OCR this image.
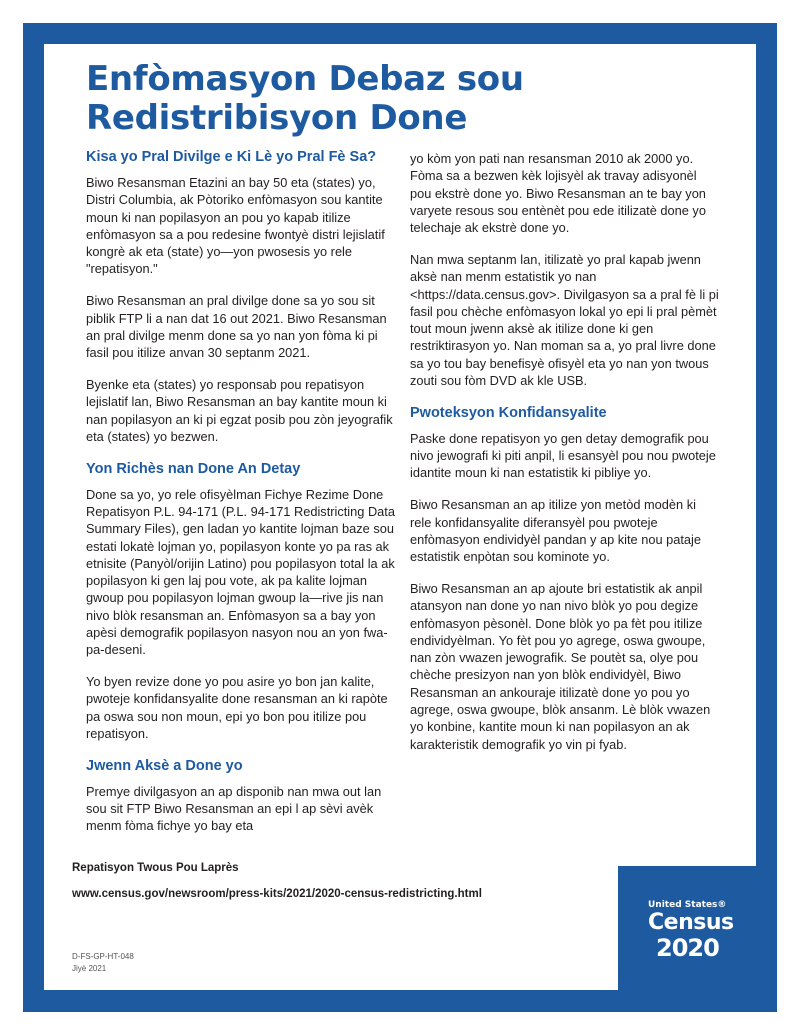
Enfòmasyon Debaz sou Redistribisyon Done
Kisa yo Pral Divilge e Ki Lè yo Pral Fè Sa?

Biwo Resansman Etazini an bay 50 eta (states) yo, Distri Columbia, ak Pòtoriko enfòmasyon sou kantite moun ki nan popilasyon an pou yo kapab itilize enfòmasyon sa a pou redesine fwontyè distri lejislatif kongrè ak eta (state) yo—yon pwosesis yo rele "repatisyon."

Biwo Resansman an pral divilge done sa yo sou sit piblik FTP li a nan dat 16 out 2021. Biwo Resansman an pral divilge menm done sa yo nan yon fòma ki pi fasil pou itilize anvan 30 septanm 2021.

Byenke eta (states) yo responsab pou repatisyon lejislatif lan, Biwo Resansman an bay kantite moun ki nan popilasyon an ki pi egzat posib pou zòn jeyografik eta (states) yo bezwen.

Yon Richès nan Done An Detay

Done sa yo, yo rele ofisyèlman Fichye Rezime Done Repatisyon P.L. 94-171 (P.L. 94-171 Redistricting Data Summary Files), gen ladan yo kantite lojman baze sou estati lokatè lojman yo, popilasyon konte yo pa ras ak etnisite (Panyòl/orijin Latino) pou popilasyon total la ak popilasyon ki gen laj pou vote, ak pa kalite lojman gwoup pou popilasyon lojman gwoup la—rive jis nan nivo blòk resansman an. Enfòmasyon sa a bay yon apèsi demografik popilasyon nasyon nou an yon fwa-pa-deseni.

Yo byen revize done yo pou asire yo bon jan kalite, pwoteje konfidansyalite done resansman an ki rapòte pa oswa sou non moun, epi yo bon pou itilize pou repatisyon.

Jwenn Aksè a Done yo

Premye divilgasyon an ap disponib nan mwa out lan sou sit FTP Biwo Resansman an epi l ap sèvi avèk menm fòma fichye yo bay eta

yo kòm yon pati nan resansman 2010 ak 2000 yo. Fòma sa a bezwen kèk lojisyèl ak travay adisyonèl pou ekstrè done yo. Biwo Resansman an te bay yon varyete resous sou entènèt pou ede itilizatè done yo telechaje ak ekstrè done yo.

Nan mwa septanm lan, itilizatè yo pral kapab jwenn aksè nan menm estatistik yo nan <https://data.census.gov>. Divilgasyon sa a pral fè li pi fasil pou chèche enfòmasyon lokal yo epi li pral pèmèt tout moun jwenn aksè ak itilize done ki gen restriktirasyon yo. Nan moman sa a, yo pral livre done sa yo tou bay benefisyè ofisyèl eta yo nan yon twous zouti sou fòm DVD ak kle USB.

Pwoteksyon Konfidansyalite

Paske done repatisyon yo gen detay demografik pou nivo jewografi ki piti anpil, li esansyèl pou nou pwoteje idantite moun ki nan estatistik ki pibliye yo.

Biwo Resansman an ap itilize yon metòd modèn ki rele konfidansyalite diferansyèl pou pwoteje enfòmasyon endividyèl pandan y ap kite nou pataje estatistik enpòtan sou kominote yo.

Biwo Resansman an ap ajoute bri estatistik ak anpil atansyon nan done yo nan nivo blòk yo pou degize enfòmasyon pèsonèl. Done blòk yo pa fèt pou itilize endividyèlman. Yo fèt pou yo agrege, oswa gwoupe, nan zòn vwazen jewografik. Se poutèt sa, olye pou chèche presizyon nan yon blòk endividyèl, Biwo Resansman an ankouraje itilizatè done yo pou yo agrege, oswa gwoupe, blòk ansanm. Lè blòk vwazen yo konbine, kantite moun ki nan popilasyon an ak karakteristik demografik yo vin pi fyab.

Repatisyon Twous Pou Laprès

www.census.gov/newsroom/press-kits/2021/2020-census-redistricting.html

D-FS-GP-HT-048
Jiyè 2021
United States®
Census
2020
